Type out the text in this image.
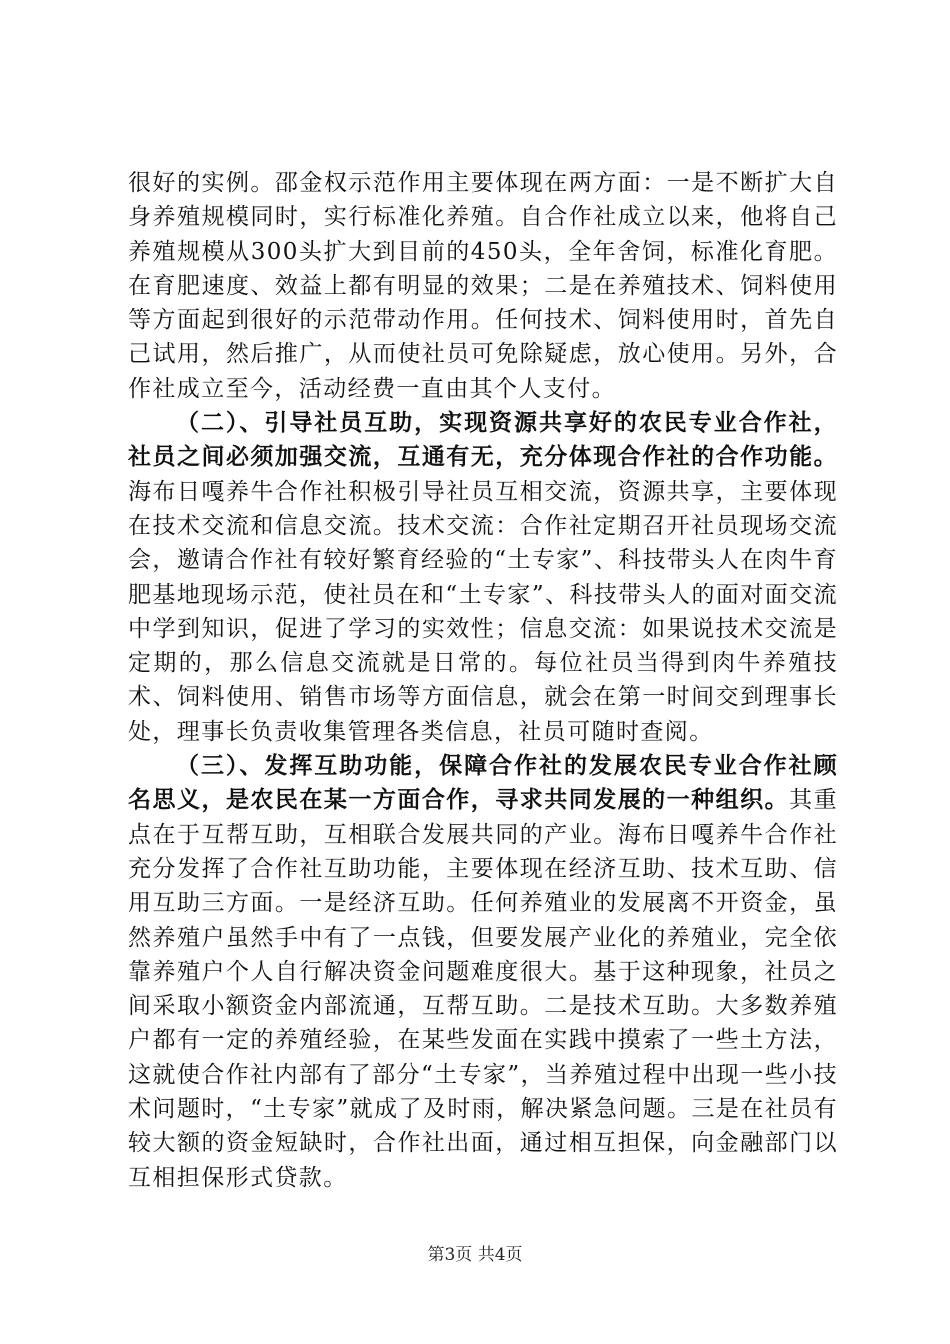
很好的实例。邵金权示范作用主要体现在两方面：一是不断扩大自身养殖规模同时，实行标准化养殖。自合作社成立以来，他将自己养殖规模从300头扩大到目前的450头，全年舍饲，标准化育肥。在育肥速度、效益上都有明显的效果；二是在养殖技术、饲料使用等方面起到很好的示范带动作用。任何技术、饲料使用时，首先自己试用，然后推广，从而使社员可免除疑虑，放心使用。另外，合作社成立至今，活动经费一直由其个人支付。

（二）、引导社员互助，实现资源共享好的农民专业合作社，社员之间必须加强交流，互通有无，充分体现合作社的合作功能。海布日嘎养牛合作社积极引导社员互相交流，资源共享，主要体现在技术交流和信息交流。技术交流：合作社定期召开社员现场交流会，邀请合作社有较好繁育经验的“土专家”、科技带头人在肉牛育肥基地现场示范，使社员在和“土专家”、科技带头人的面对面交流中学到知识，促进了学习的实效性；信息交流：如果说技术交流是定期的，那么信息交流就是日常的。每位社员当得到肉牛养殖技术、饲料使用、销售市场等方面信息，就会在第一时间交到理事长处，理事长负责收集管理各类信息，社员可随时查阅。

（三）、发挥互助功能，保障合作社的发展农民专业合作社顾名思义，是农民在某一方面合作，寻求共同发展的一种组织。其重点在于互帮互助，互相联合发展共同的产业。海布日嘎养牛合作社充分发挥了合作社互助功能，主要体现在经济互助、技术互助、信用互助三方面。一是经济互助。任何养殖业的发展离不开资金，虽然养殖户虽然手中有了一点钱，但要发展产业化的养殖业，完全依靠养殖户个人自行解决资金问题难度很大。基于这种现象，社员之间采取小额资金内部流通，互帮互助。二是技术互助。大多数养殖户都有一定的养殖经验，在某些发面在实践中摸索了一些土方法，这就使合作社内部有了部分“土专家”，当养殖过程中出现一些小技术问题时，“土专家”就成了及时雨，解决紧急问题。三是在社员有较大额的资金短缺时，合作社出面，通过相互担保，向金融部门以互相担保形式贷款。

第3页 共4页
